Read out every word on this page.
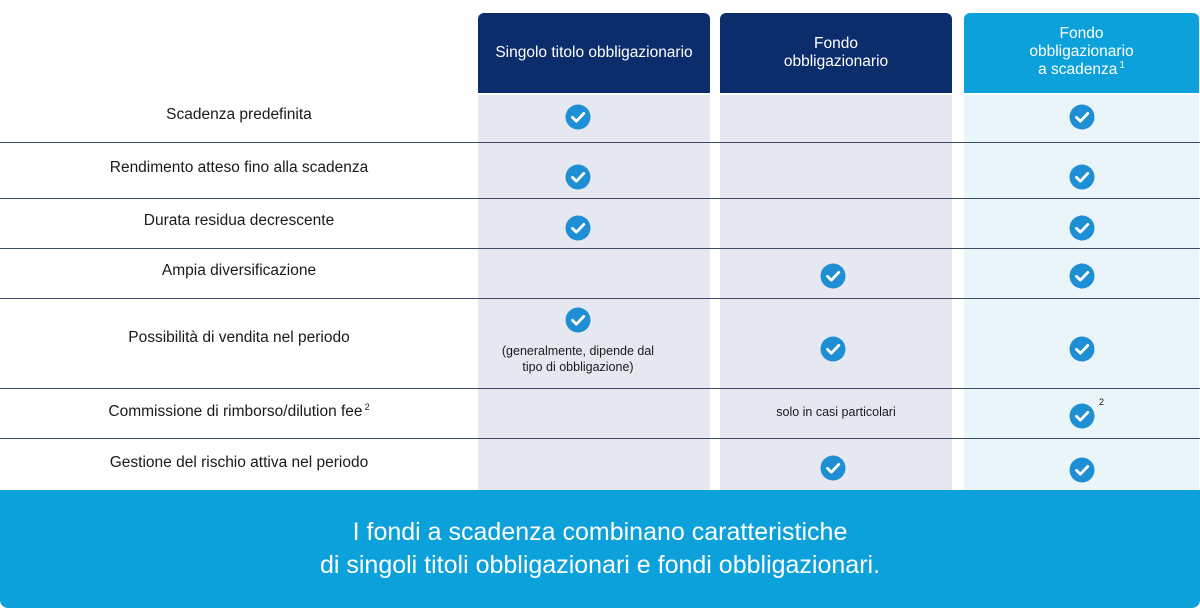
Singolo titolo obbligazionario
Fondo
obbligazionario
Fondo
obbligazionario
a scadenza $^1$
Scadenza predefinita
Rendimento atteso fino alla scadenza
Durata residua decrescente
Ampia diversificazione
Possibilità di vendita nel periodo
Commissione di rimborso/dilution fee $^2$
Gestione del rischio attiva nel periodo
(generalmente, dipende dal
tipo di obbligazione)
solo in casi particolari
2
I fondi a scadenza combinano caratteristiche
di singoli titoli obbligazionari e fondi obbligazionari.
